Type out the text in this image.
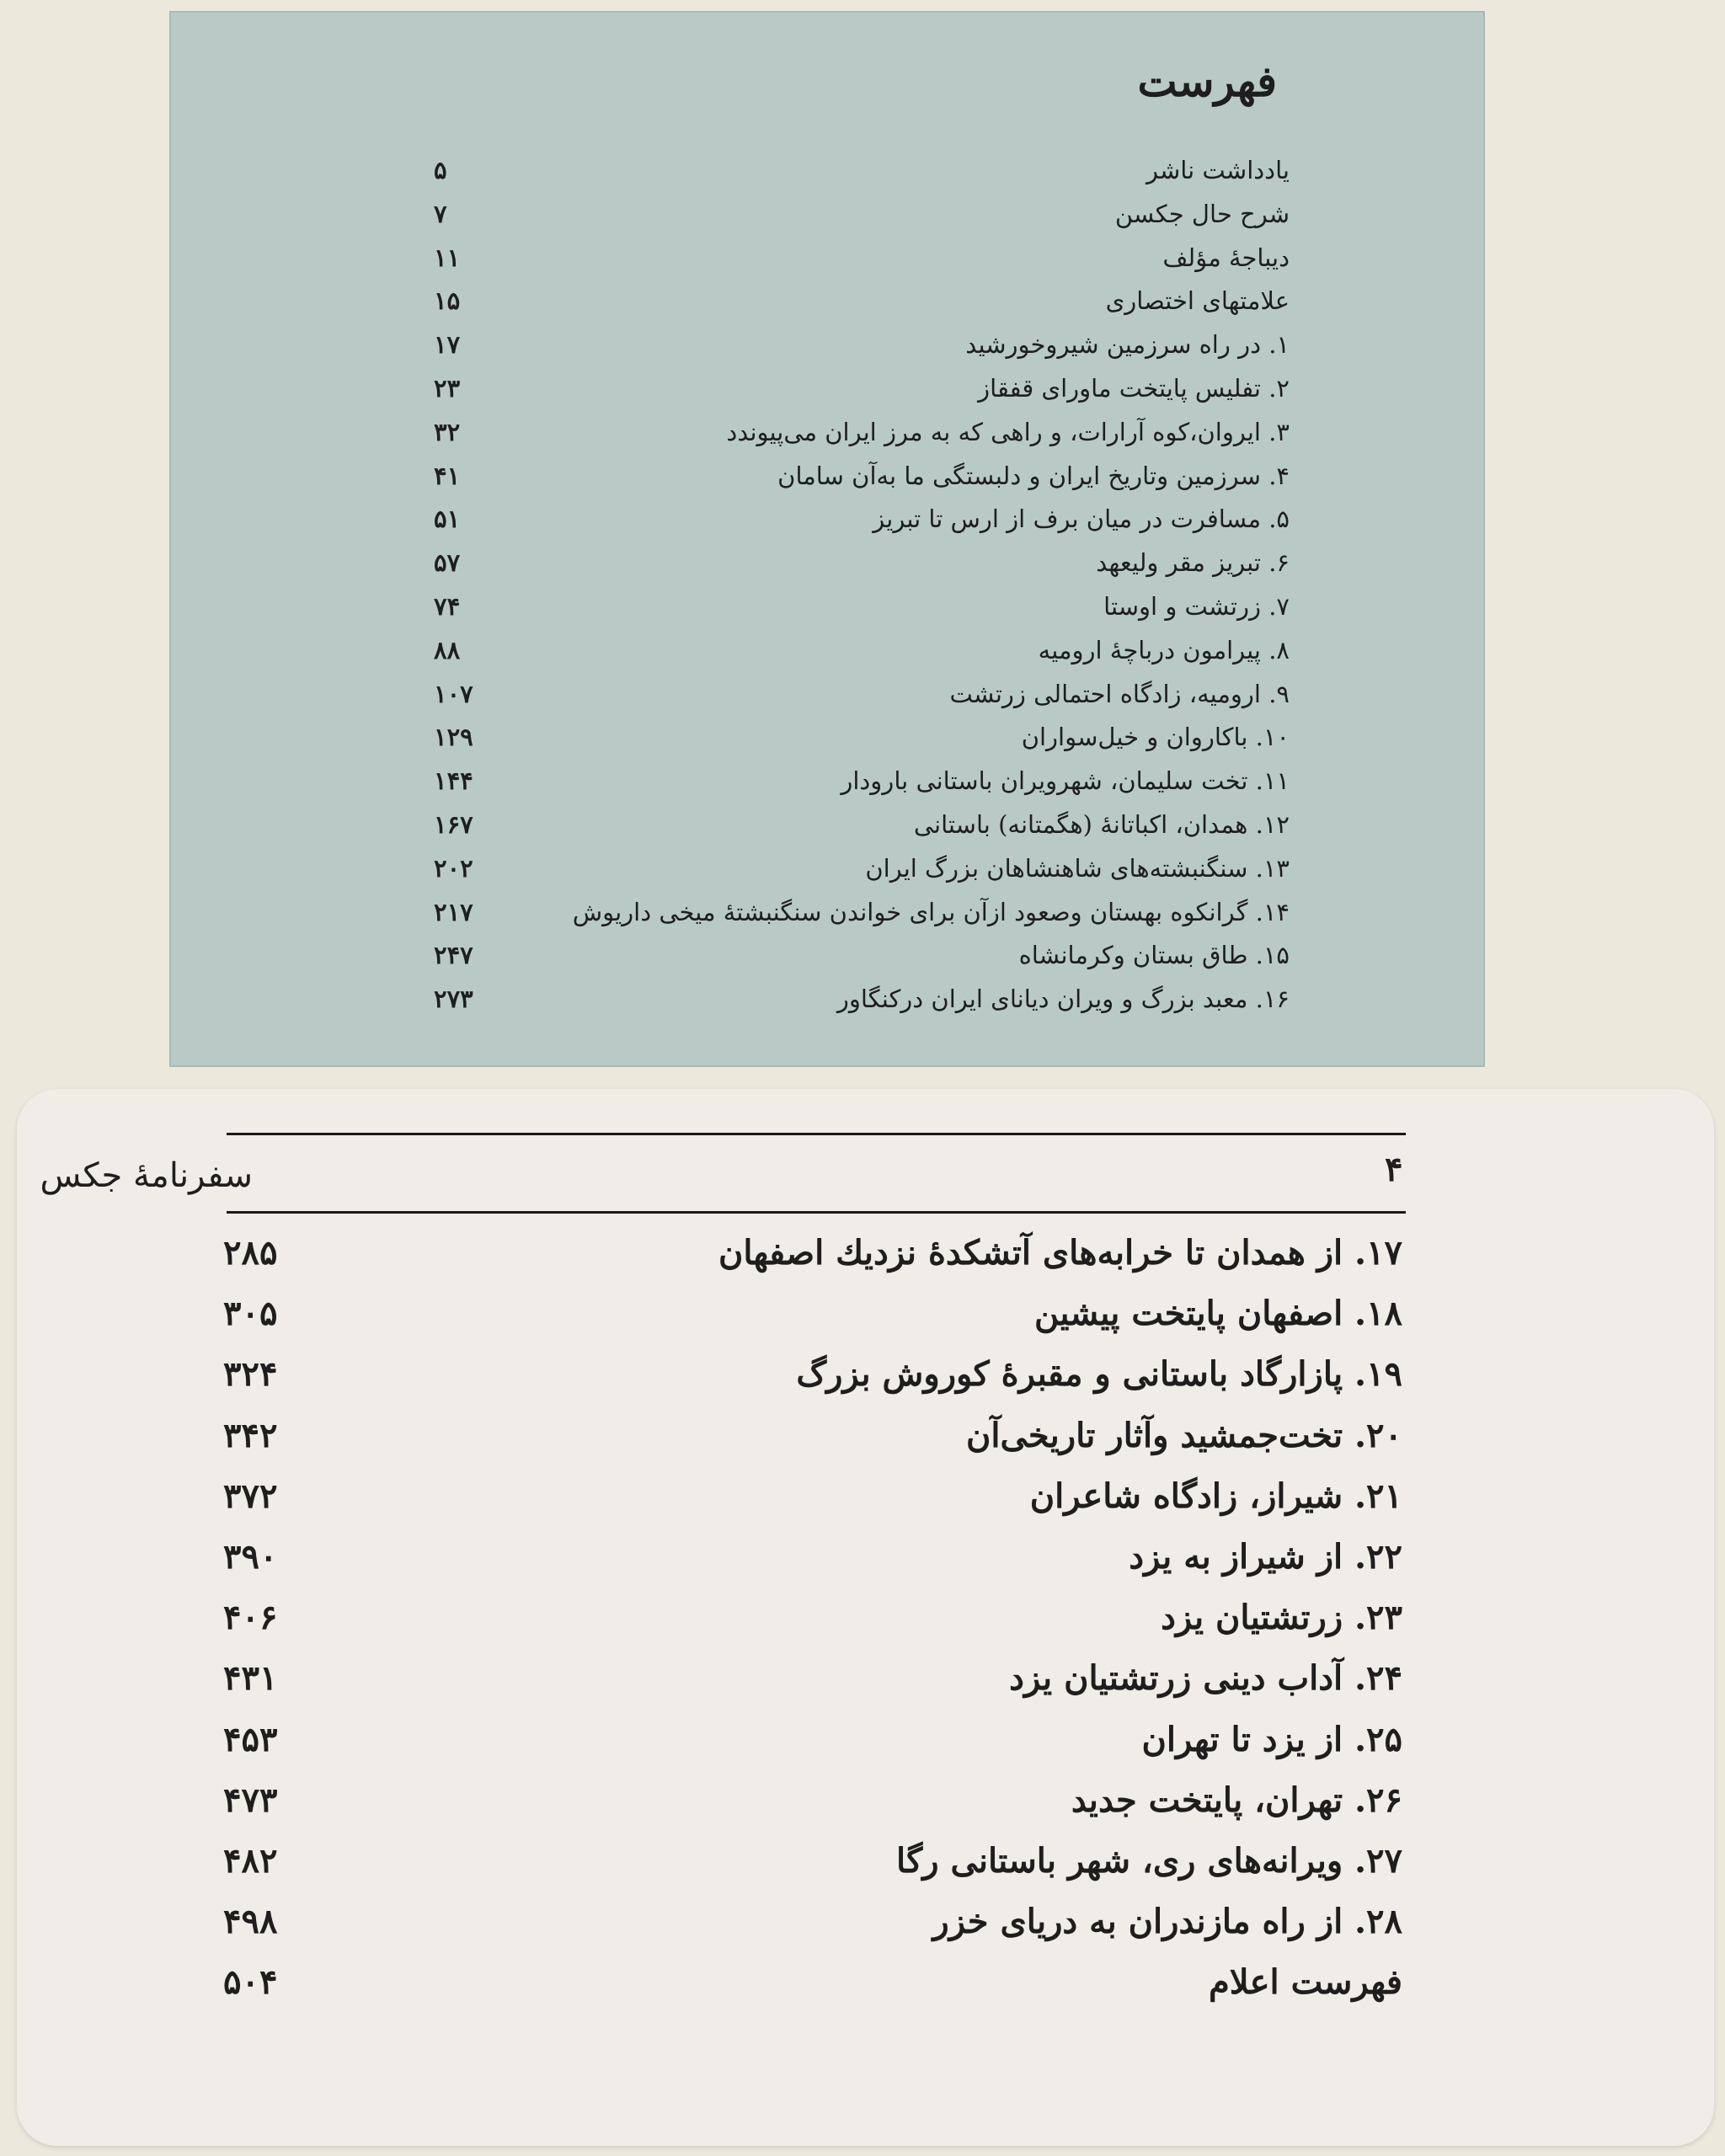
فهرست
یادداشت ناشر
۵
شرح حال جکسن
۷
دیباجهٔ مؤلف
۱۱
علامتهای اختصاری
۱۵
۱. در راه سرزمین شیروخورشید
۱۷
۲. تفلیس پایتخت ماورای قفقاز
۲۳
۳. ایروان،کوه آرارات، و راهی که به مرز ایران می‌پیوندد
۳۲
۴. سرزمین وتاریخ ایران و دلبستگی ما به‌آن سامان
۴۱
۵. مسافرت در میان برف از ارس تا تبریز
۵۱
۶. تبریز مقر ولیعهد
۵۷
۷. زرتشت و اوستا
۷۴
۸. پیرامون درباچهٔ ارومیه
۸۸
۹. ارومیه، زادگاه احتمالی زرتشت
۱۰۷
۱۰. باکاروان و خیل‌سواران
۱۲۹
۱۱. تخت سلیمان، شهرویران باستانی بارودار
۱۴۴
۱۲. همدان، اکباتانهٔ (هگمتانه) باستانی
۱۶۷
۱۳. سنگنبشته‌های شاهنشاهان بزرگ ایران
۲۰۲
۱۴. گرانکوه بهستان وصعود ازآن برای خواندن سنگنبشتهٔ میخی داریوش
۲۱۷
۱۵. طاق بستان وکرمانشاه
۲۴۷
۱۶. معبد بزرگ و ویران دیانای ایران درکنگاور
۲۷۳
سفرنامهٔ جکس	۴
۱۷. از همدان تا خرابه‌های آتشکدهٔ نزدیك اصفهان
۲۸۵
۱۸. اصفهان پایتخت پیشین
۳۰۵
۱۹. پازارگاد باستانی و مقبرهٔ کوروش بزرگ
۳۲۴
۲۰. تخت‌جمشید وآثار تاریخی‌آن
۳۴۲
۲۱. شیراز، زادگاه شاعران
۳۷۲
۲۲. از شیراز به یزد
۳۹۰
۲۳. زرتشتیان یزد
۴۰۶
۲۴. آداب دینی زرتشتیان یزد
۴۳۱
۲۵. از یزد تا تهران
۴۵۳
۲۶. تهران، پایتخت جدید
۴۷۳
۲۷. ویرانه‌های ری، شهر باستانی رگا
۴۸۲
۲۸. از راه مازندران به دریای خزر
۴۹۸
فهرست اعلام
۵۰۴
